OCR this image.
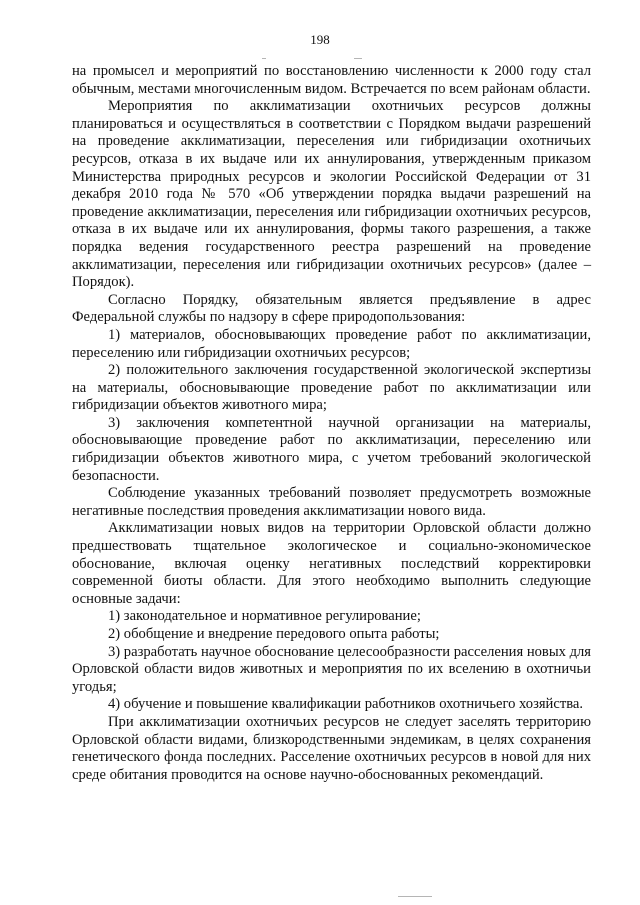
198

на промысел и мероприятий по восстановлению численности к 2000 году стал обычным, местами многочисленным видом. Встречается по всем районам области.

Мероприятия по акклиматизации охотничьих ресурсов должны планироваться и осуществляться в соответствии с Порядком выдачи разрешений на проведение акклиматизации, переселения или гибридизации охотничьих ресурсов, отказа в их выдаче или их аннулирования, утвержденным приказом Министерства природных ресурсов и экологии Российской Федерации от 31 декабря 2010 года № 570 «Об утверждении порядка выдачи разрешений на проведение акклиматизации, переселения или гибридизации охотничьих ресурсов, отказа в их выдаче или их аннулирования, формы такого разрешения, а также порядка ведения государственного реестра разрешений на проведение акклиматизации, переселения или гибридизации охотничьих ресурсов» (далее – Порядок).

Согласно Порядку, обязательным является предъявление в адрес Федеральной службы по надзору в сфере природопользования:

1) материалов, обосновывающих проведение работ по акклиматизации, переселению или гибридизации охотничьих ресурсов;

2) положительного заключения государственной экологической экспертизы на материалы, обосновывающие проведение работ по акклиматизации или гибридизации объектов животного мира;

3) заключения компетентной научной организации на материалы, обосновывающие проведение работ по акклиматизации, переселению или гибридизации объектов животного мира, с учетом требований экологической безопасности.

Соблюдение указанных требований позволяет предусмотреть возможные негативные последствия проведения акклиматизации нового вида.

Акклиматизации новых видов на территории Орловской области должно предшествовать тщательное экологическое и социально-экономическое обоснование, включая оценку негативных последствий корректировки современной биоты области. Для этого необходимо выполнить следующие основные задачи:

1) законодательное и нормативное регулирование;

2) обобщение и внедрение передового опыта работы;

3) разработать научное обоснование целесообразности расселения новых для Орловской области видов животных и мероприятия по их вселению в охотничьи угодья;

4) обучение и повышение квалификации работников охотничьего хозяйства.

При акклиматизации охотничьих ресурсов не следует заселять территорию Орловской области видами, близкородственными эндемикам, в целях сохранения генетического фонда последних. Расселение охотничьих ресурсов в новой для них среде обитания проводится на основе научно-обоснованных рекомендаций.
